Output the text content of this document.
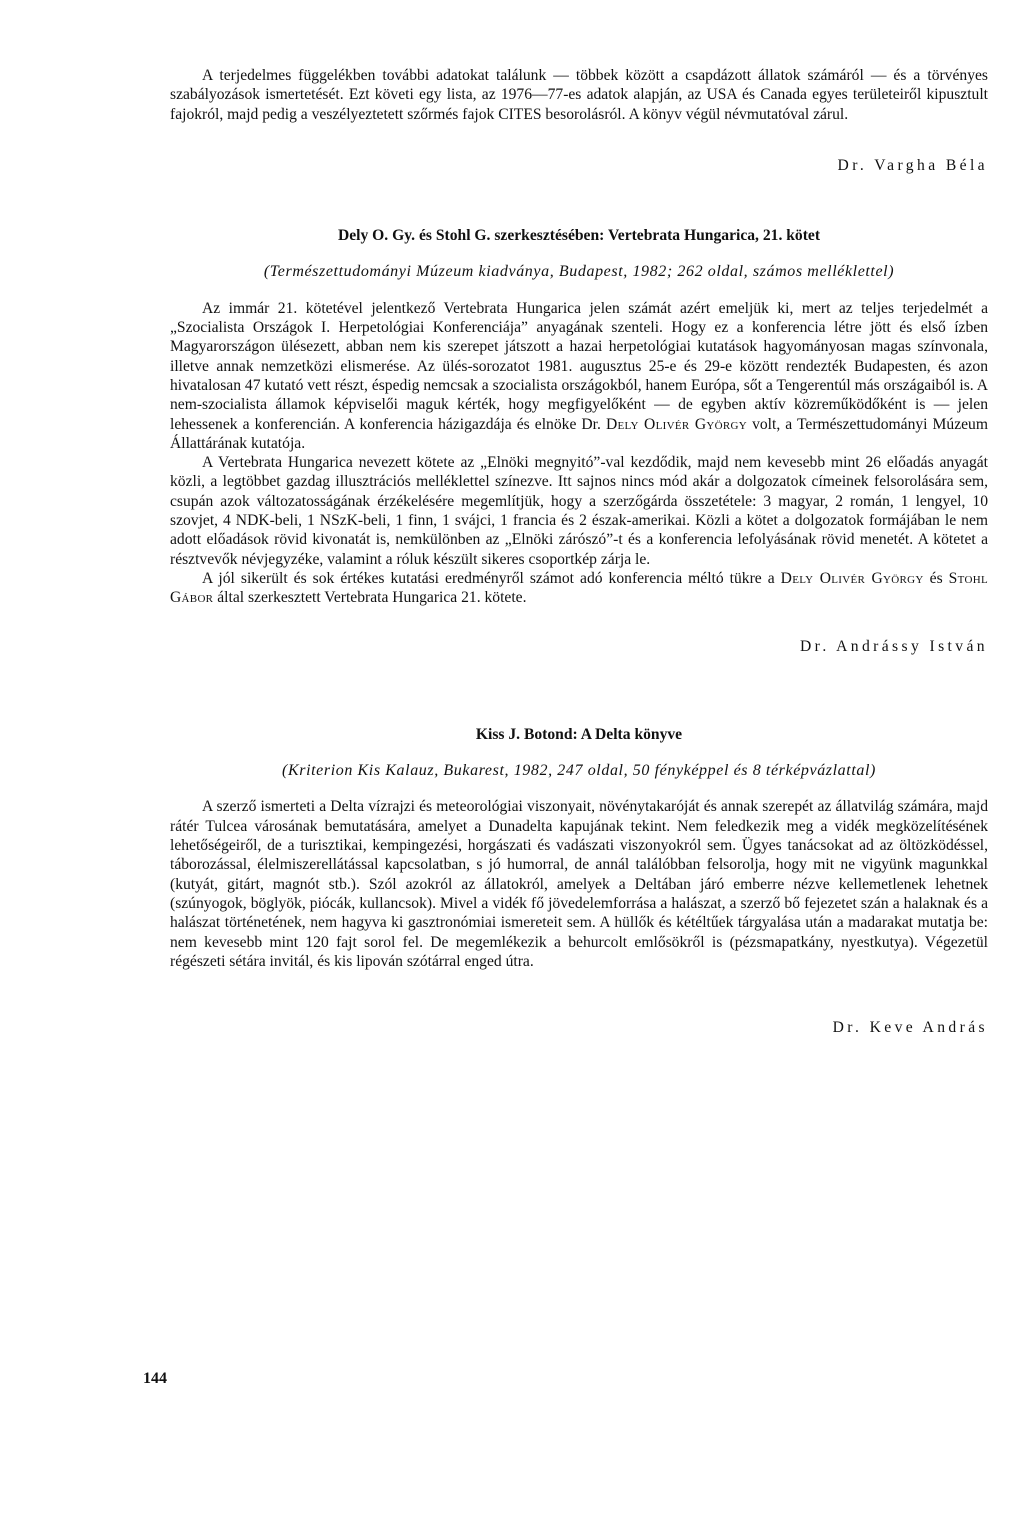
A terjedelmes függelékben további adatokat találunk — többek között a csapdázott állatok számáról — és a törvényes szabályozások ismertetését. Ezt követi egy lista, az 1976—77-es adatok alapján, az USA és Canada egyes területeiről kipusztult fajokról, majd pedig a veszélyeztetett szőrmés fajok CITES besorolásról. A könyv végül névmutatóval zárul.

Dr. Vargha Béla

Dely O. Gy. és Stohl G. szerkesztésében: Vertebrata Hungarica, 21. kötet

(Természettudományi Múzeum kiadványa, Budapest, 1982; 262 oldal, számos melléklettel)

Az immár 21. kötetével jelentkező Vertebrata Hungarica jelen számát azért emeljük ki, mert az teljes terjedelmét a „Szocialista Országok I. Herpetológiai Konferenciája” anyagának szenteli. Hogy ez a konferencia létre jött és első ízben Magyarországon ülésezett, abban nem kis szerepet játszott a hazai herpetológiai kutatások hagyományosan magas színvonala, illetve annak nemzetközi elismerése. Az ülés-sorozatot 1981. augusztus 25-e és 29-e között rendezték Budapesten, és azon hivatalosan 47 kutató vett részt, éspedig nemcsak a szocialista országokból, hanem Európa, sőt a Tengerentúl más országaiból is. A nem-szocialista államok képviselői maguk kérték, hogy megfigyelőként — de egyben aktív közreműködőként is — jelen lehessenek a konferencián. A konferencia házigazdája és elnöke Dr. Dely Olivér György volt, a Természettudományi Múzeum Állattárának kutatója.

A Vertebrata Hungarica nevezett kötete az „Elnöki megnyitó”-val kezdődik, majd nem kevesebb mint 26 előadás anyagát közli, a legtöbbet gazdag illusztrációs melléklettel színezve. Itt sajnos nincs mód akár a dolgozatok címeinek felsorolására sem, csupán azok változatosságának érzékelésére megemlítjük, hogy a szerzőgárda összetétele: 3 magyar, 2 román, 1 lengyel, 10 szovjet, 4 NDK-beli, 1 NSzK-beli, 1 finn, 1 svájci, 1 francia és 2 észak-amerikai. Közli a kötet a dolgozatok formájában le nem adott előadások rövid kivonatát is, nemkülönben az „Elnöki zárószó”-t és a konferencia lefolyásának rövid menetét. A kötetet a résztvevők névjegyzéke, valamint a róluk készült sikeres csoportkép zárja le.

A jól sikerült és sok értékes kutatási eredményről számot adó konferencia méltó tükre a Dely Olivér György és Stohl Gábor által szerkesztett Vertebrata Hungarica 21. kötete.

Dr. Andrássy István

Kiss J. Botond: A Delta könyve

(Kriterion Kis Kalauz, Bukarest, 1982, 247 oldal, 50 fényképpel és 8 térképvázlattal)

A szerző ismerteti a Delta vízrajzi és meteorológiai viszonyait, növénytakaróját és annak szerepét az állatvilág számára, majd rátér Tulcea városának bemutatására, amelyet a Dunadelta kapujának tekint. Nem feledkezik meg a vidék megközelítésének lehetőségeiről, de a turisztikai, kempingezési, horgászati és vadászati viszonyokról sem. Ügyes tanácsokat ad az öltözködéssel, táborozással, élelmiszerellátással kapcsolatban, s jó humorral, de annál találóbban felsorolja, hogy mit ne vigyünk magunkkal (kutyát, gitárt, magnót stb.). Szól azokról az állatokról, amelyek a Deltában járó emberre nézve kellemetlenek lehetnek (szúnyogok, böglyök, piócák, kullancsok). Mivel a vidék fő jövedelemforrása a halászat, a szerző bő fejezetet szán a halaknak és a halászat történetének, nem hagyva ki gasztronómiai ismereteit sem. A hüllők és kétéltűek tárgyalása után a madarakat mutatja be: nem kevesebb mint 120 fajt sorol fel. De megemlékezik a behurcolt emlősökről is (pézsmapatkány, nyestkutya). Végezetül régészeti sétára invitál, és kis lipován szótárral enged útra.

Dr. Keve András

144
